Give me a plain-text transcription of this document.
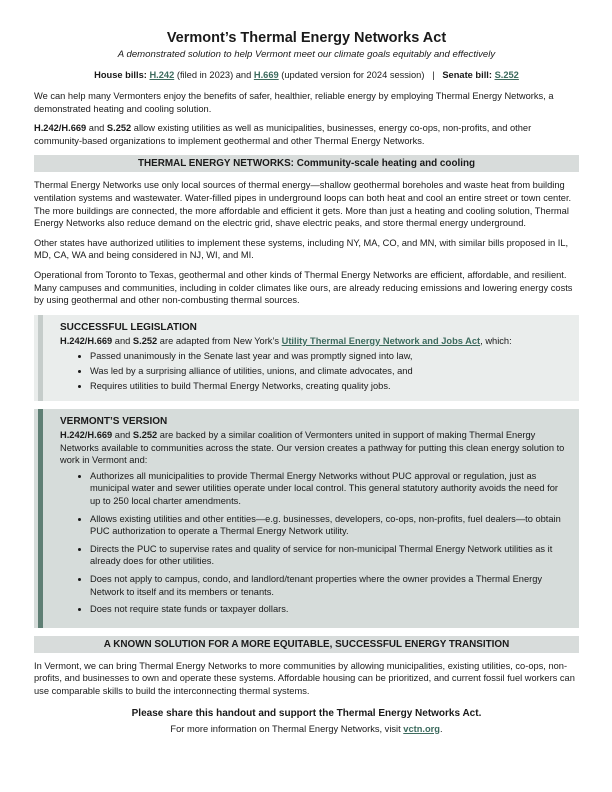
Vermont’s Thermal Energy Networks Act
A demonstrated solution to help Vermont meet our climate goals equitably and effectively
House bills: H.242 (filed in 2023) and H.669 (updated version for 2024 session) | Senate bill: S.252

We can help many Vermonters enjoy the benefits of safer, healthier, reliable energy by employing Thermal Energy Networks, a demonstrated heating and cooling solution.

H.242/H.669 and S.252 allow existing utilities as well as municipalities, businesses, energy co-ops, non-profits, and other community-based organizations to implement geothermal and other Thermal Energy Networks.

THERMAL ENERGY NETWORKS: Community-scale heating and cooling

Thermal Energy Networks use only local sources of thermal energy—shallow geothermal boreholes and waste heat from building ventilation systems and wastewater. Water-filled pipes in underground loops can both heat and cool an entire street or town center. The more buildings are connected, the more affordable and efficient it gets. More than just a heating and cooling solution, Thermal Energy Networks also reduce demand on the electric grid, shave electric peaks, and store thermal energy underground.

Other states have authorized utilities to implement these systems, including NY, MA, CO, and MN, with similar bills proposed in IL, MD, CA, WA and being considered in NJ, WI, and MI.

Operational from Toronto to Texas, geothermal and other kinds of Thermal Energy Networks are efficient, affordable, and resilient. Many campuses and communities, including in colder climates like ours, are already reducing emissions and lowering energy costs by using geothermal and other non-combusting thermal sources.

SUCCESSFUL LEGISLATION

H.242/H.669 and S.252 are adapted from New York’s Utility Thermal Energy Network and Jobs Act, which:

• Passed unanimously in the Senate last year and was promptly signed into law,
• Was led by a surprising alliance of utilities, unions, and climate advocates, and
• Requires utilities to build Thermal Energy Networks, creating quality jobs.
VERMONT’S VERSION

H.242/H.669 and S.252 are backed by a similar coalition of Vermonters united in support of making Thermal Energy Networks available to communities across the state. Our version creates a pathway for putting this clean energy solution to work in Vermont and:

• Authorizes all municipalities to provide Thermal Energy Networks without PUC approval or regulation, just as municipal water and sewer utilities operate under local control. This general statutory authority avoids the need for up to 250 local charter amendments.
• Allows existing utilities and other entities—e.g. businesses, developers, co-ops, non-profits, fuel dealers—to obtain PUC authorization to operate a Thermal Energy Network utility.
• Directs the PUC to supervise rates and quality of service for non-municipal Thermal Energy Network utilities as it already does for other utilities.
• Does not apply to campus, condo, and landlord/tenant properties where the owner provides a Thermal Energy Network to itself and its members or tenants.
• Does not require state funds or taxpayer dollars.
A KNOWN SOLUTION FOR A MORE EQUITABLE, SUCCESSFUL ENERGY TRANSITION

In Vermont, we can bring Thermal Energy Networks to more communities by allowing municipalities, existing utilities, co-ops, non-profits, and businesses to own and operate these systems. Affordable housing can be prioritized, and current fossil fuel workers can use comparable skills to build the interconnecting thermal systems.

Please share this handout and support the Thermal Energy Networks Act.
For more information on Thermal Energy Networks, visit vctn.org.
